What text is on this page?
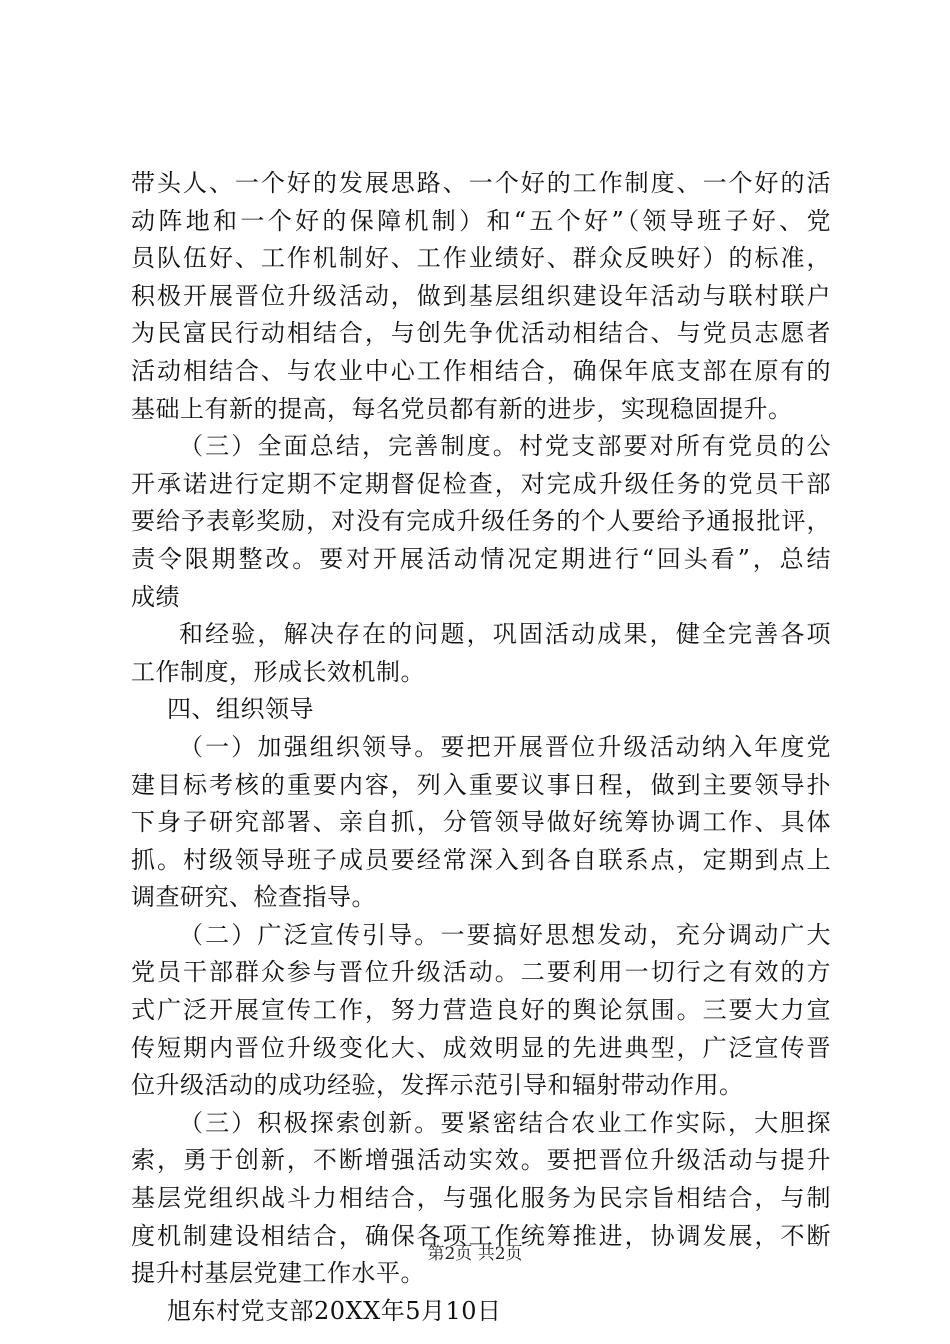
带头人、一个好的发展思路、一个好的工作制度、一个好的活
动阵地和一个好的保障机制）和“五个好”（领导班子好、党
员队伍好、工作机制好、工作业绩好、群众反映好）的标准，
积极开展晋位升级活动，做到基层组织建设年活动与联村联户
为民富民行动相结合，与创先争优活动相结合、与党员志愿者
活动相结合、与农业中心工作相结合，确保年底支部在原有的
基础上有新的提高，每名党员都有新的进步，实现稳固提升。
（三）全面总结，完善制度。村党支部要对所有党员的公
开承诺进行定期不定期督促检查，对完成升级任务的党员干部
要给予表彰奖励，对没有完成升级任务的个人要给予通报批评，
责令限期整改。要对开展活动情况定期进行“回头看”，总结
成绩
和经验，解决存在的问题，巩固活动成果，健全完善各项
工作制度，形成长效机制。
四、组织领导
（一）加强组织领导。要把开展晋位升级活动纳入年度党
建目标考核的重要内容，列入重要议事日程，做到主要领导扑
下身子研究部署、亲自抓，分管领导做好统筹协调工作、具体
抓。村级领导班子成员要经常深入到各自联系点，定期到点上
调查研究、检查指导。
（二）广泛宣传引导。一要搞好思想发动，充分调动广大
党员干部群众参与晋位升级活动。二要利用一切行之有效的方
式广泛开展宣传工作，努力营造良好的舆论氛围。三要大力宣
传短期内晋位升级变化大、成效明显的先进典型，广泛宣传晋
位升级活动的成功经验，发挥示范引导和辐射带动作用。
（三）积极探索创新。要紧密结合农业工作实际，大胆探
索，勇于创新，不断增强活动实效。要把晋位升级活动与提升
基层党组织战斗力相结合，与强化服务为民宗旨相结合，与制
度机制建设相结合，确保各项工作统筹推进，协调发展，不断
提升村基层党建工作水平。
旭东村党支部20XX年5月10日
第2页 共2页
